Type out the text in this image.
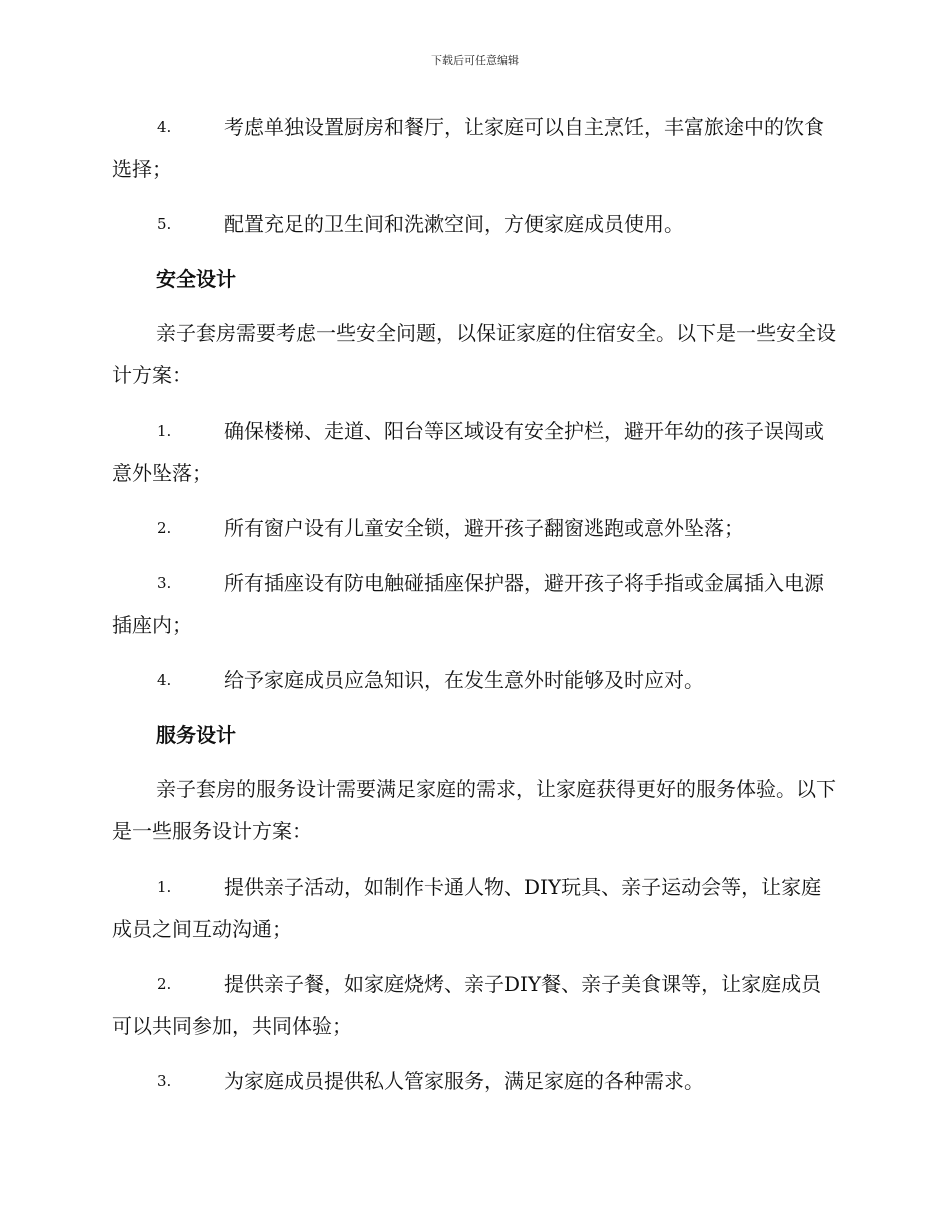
下载后可任意编辑
4.	考虑单独设置厨房和餐厅，让家庭可以自主烹饪，丰富旅途中的饮食选择；

5.	配置充足的卫生间和洗漱空间，方便家庭成员使用。

安全设计

亲子套房需要考虑一些安全问题，以保证家庭的住宿安全。以下是一些安全设计方案：

1.	确保楼梯、走道、阳台等区域设有安全护栏，避开年幼的孩子误闯或意外坠落；

2.	所有窗户设有儿童安全锁，避开孩子翻窗逃跑或意外坠落；

3.	所有插座设有防电触碰插座保护器，避开孩子将手指或金属插入电源插座内；

4.	给予家庭成员应急知识，在发生意外时能够及时应对。

服务设计

亲子套房的服务设计需要满足家庭的需求，让家庭获得更好的服务体验。以下是一些服务设计方案：

1.	提供亲子活动，如制作卡通人物、DIY玩具、亲子运动会等，让家庭成员之间互动沟通；

2.	提供亲子餐，如家庭烧烤、亲子DIY餐、亲子美食课等，让家庭成员可以共同参加，共同体验；

3.	为家庭成员提供私人管家服务，满足家庭的各种需求。
